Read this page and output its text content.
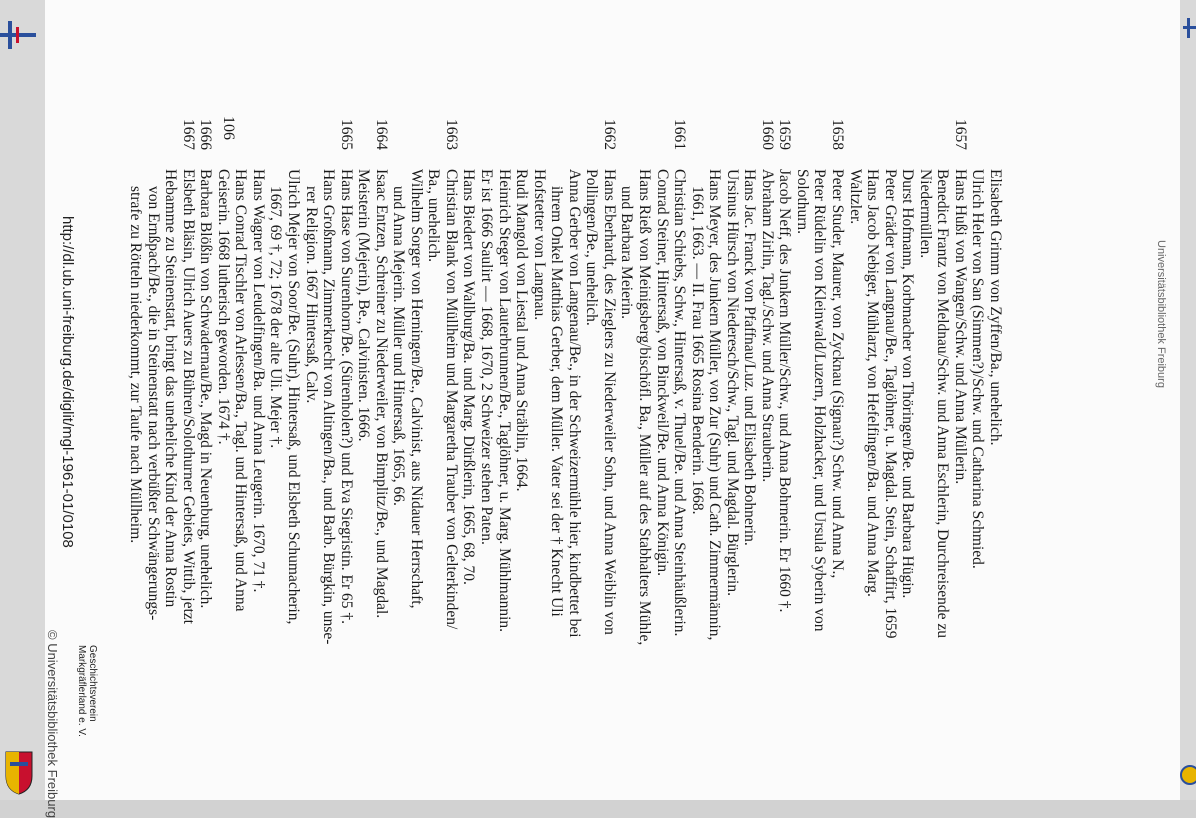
Elisabeth Grimm von Zyffen/Ba., unehelich.
Ulrich Heler von San (Simmen?)/Schw. und Catharina Schmied.
1657
Hans Hußi von Wangen/Schw. und Anna Müllerin.
Benedict Frantz von Meldnau/Schw. und Anna Eschlerin, Durchreisende zu
Niedermüllen.
Durst Hofmann, Korbmacher von Thöringen/Be. und Barbara Hügin.
Peter Gräder von Langnau/Be., Taglöhner, u. Magdal. Stein, Schaffirt, 1659
Hans Jacob Nebiger, Mühlarzt, von Hefelfingen/Ba. und Anna Marg.
Waltzler.
1658
Peter Studer, Maurer, von Zycknau (Signau?) Schw. und Anna N.,
Peter Rüdelin von Kleinwald/Luzern, Holzhacker, und Ursula Syberin von
Solothurn.
1659
Jacob Neff, des Junkern Müller/Schw., und Anna Bohrnerin. Er 1660 †.
1660
Abraham Zirlin, Tagl./Schw. und Anna Strauberin.
Hans Jac. Franck von Pfaffnau/Luz. und Elisabeth Bohnerin.
Ursinus Hürsch von Niederesch/Schw., Tagl. und Magdal. Bürglerin.
Hans Meyer, des Junkern Müller, von Zur (Suhr) und Cath. Zimmermännin,
1661, 1663. — II. Frau 1665 Rosina Benderin. 1668.
1661
Christian Schiebs, Schw., Hintersaß, v. Thuel/Be. und Anna Steinhäußlerin.
Conrad Steiner, Hintersaß, von Binckweil/Be. und Anna Königin.
Hans Rieß von Meinigsberg/bischöfl. Ba., Müller auf des Stabhalters Mühle,
und Barbara Meierin.
1662
Hans Eberhardt, des Zieglers zu Niederweiler Sohn, und Anna Weiblin von
Pollingen/Be., unehelich.
Anna Gerber von Langenau/Be., in der Schweizermühle hier, kindbettet bei
ihrem Onkel Matthias Gerber, dem Müller. Vater sei der † Knecht Uli
Hofstetter von Langnau.
Rudi Mangold von Liestal und Anna Sträblin, 1664.
Heinrich Steger von Lauterbrunnen/Be., Taglöhner, u. Marg. Mühlmannin.
Er ist 1666 Saulirt — 1668, 1670, 2 Schweizer stehen Paten.
Hans Biedert von Wallburg/Ba. und Marg. Dürßlerin, 1665, 68, 70.
1663
Christian Blank von Müllheim und Margaretha Trauber von Gelterkinden/
Ba., unehelich.
Wilhelm Sorger von Herningen/Be., Calvinist, aus Nidauer Herrschaft,
und Anna Mejerin. Müller und Hintersaß, 1665, 66.
1664
Isaac Entzen, Schreiner zu Niederweiler, von Bimplitz/Be., und Magdal.
Meisterin (Mejerin), Be., Calvinisten. 1666.
1665
Hans Hase von Surenhorn/Be. (Sürenholen?) und Eva Siegristin. Er 65 †.
Hans Großmann, Zimmerknecht von Altingen/Ba., und Barb. Bürgkin, unse-
rer Religion. 1667 Hintersaß, Calv.
Ulrich Mejer von Soor/Be. (Suhr), Hintersaß, und Elsbeth Schumacherin,
1667, 69 †, 72; 1678 der alte Uli. Mejer †.
Hans Wagner von Leudelfingen/Ba. und Anna Leugerin. 1670, 71 †.
Hans Conrad Tischler von Arlessen/Ba., Tagl. und Hintersaß, und Anna
Geiserin. 1668 lutherisch geworden. 1674 †.
1666
Barbara Blößin von Schwadernau/Be., Magd in Neuenburg, unehelich.
1667
Elsbeth Bläsin, Ulrich Auers zu Bühren/Solothurner Gebiets, Wittib, jetzt
Hebamme zu Steinenstatt, bringt das uneheliche Kind der Anna Rostin
von Ernßpach/Be., die in Steinenstatt nach verbüßter Schwängerungs-
strafe zu Rötteln niederkommt, zur Taufe nach Müllheim.
106
http://dl.ub.uni-freiburg.de/diglit/mgl-1961-01/0108
© Universitätsbibliothek Freiburg	Geschichtsverein
Markgräflerland e. V.
Universitätsbibliothek Freiburg
